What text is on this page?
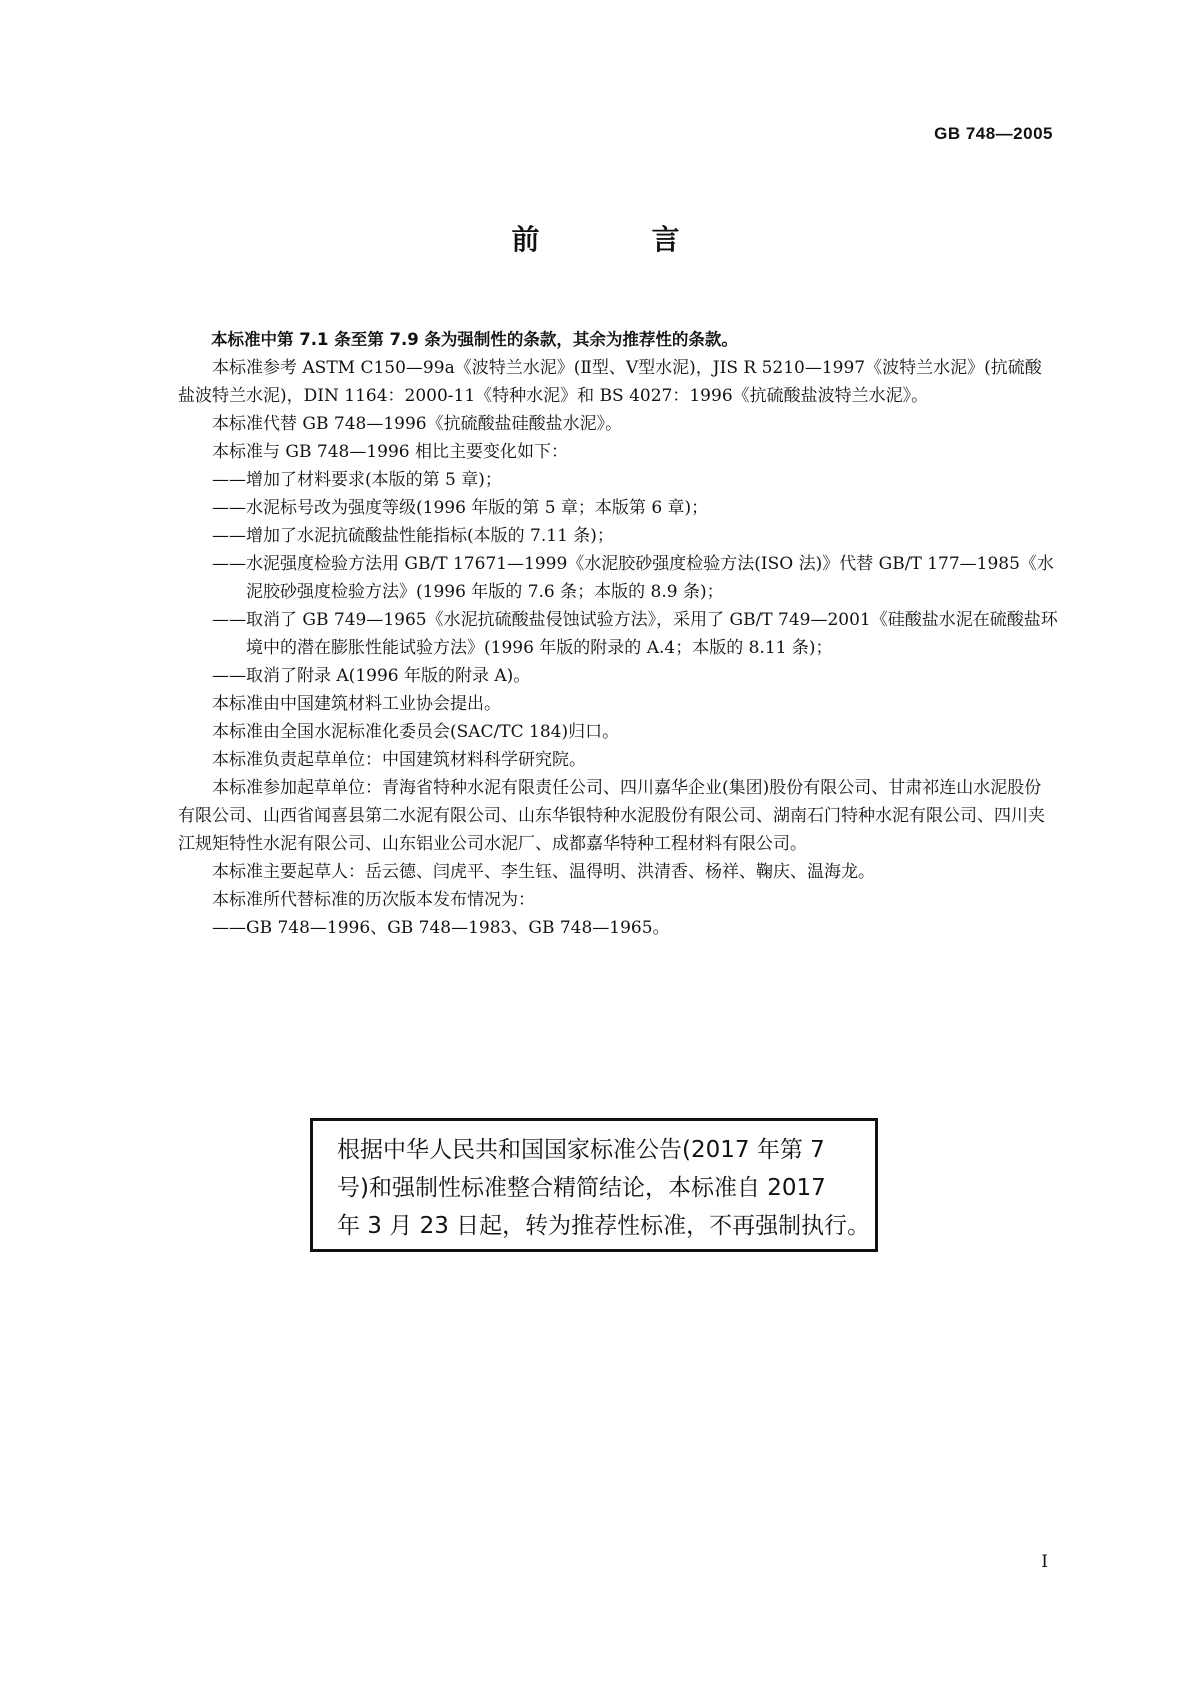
GB 748—2005
前　言
本标准中第 7.1 条至第 7.9 条为强制性的条款，其余为推荐性的条款。
本标准参考 ASTM C150—99a《波特兰水泥》(Ⅱ型、Ⅴ型水泥)，JIS R 5210—1997《波特兰水泥》(抗硫酸盐波特兰水泥)，DIN 1164：2000-11《特种水泥》和 BS 4027：1996《抗硫酸盐波特兰水泥》。
本标准代替 GB 748—1996《抗硫酸盐硅酸盐水泥》。
本标准与 GB 748—1996 相比主要变化如下：
——增加了材料要求(本版的第 5 章)；
——水泥标号改为强度等级(1996 年版的第 5 章；本版第 6 章)；
——增加了水泥抗硫酸盐性能指标(本版的 7.11 条)；
——水泥强度检验方法用 GB/T 17671—1999《水泥胶砂强度检验方法(ISO 法)》代替 GB/T 177—1985《水泥胶砂强度检验方法》(1996 年版的 7.6 条；本版的 8.9 条)；
——取消了 GB 749—1965《水泥抗硫酸盐侵蚀试验方法》，采用了 GB/T 749—2001《硅酸盐水泥在硫酸盐环境中的潜在膨胀性能试验方法》(1996 年版的附录的 A.4；本版的 8.11 条)；
——取消了附录 A(1996 年版的附录 A)。
本标准由中国建筑材料工业协会提出。
本标准由全国水泥标准化委员会(SAC/TC 184)归口。
本标准负责起草单位：中国建筑材料科学研究院。
本标准参加起草单位：青海省特种水泥有限责任公司、四川嘉华企业(集团)股份有限公司、甘肃祁连山水泥股份有限公司、山西省闻喜县第二水泥有限公司、山东华银特种水泥股份有限公司、湖南石门特种水泥有限公司、四川夹江规矩特性水泥有限公司、山东铝业公司水泥厂、成都嘉华特种工程材料有限公司。
本标准主要起草人：岳云德、闫虎平、李生钰、温得明、洪清香、杨祥、鞠庆、温海龙。
本标准所代替标准的历次版本发布情况为：
——GB 748—1996、GB 748—1983、GB 748—1965。
根据中华人民共和国国家标准公告(2017 年第 7
号)和强制性标准整合精简结论，本标准自 2017
年 3 月 23 日起，转为推荐性标准，不再强制执行。
I
